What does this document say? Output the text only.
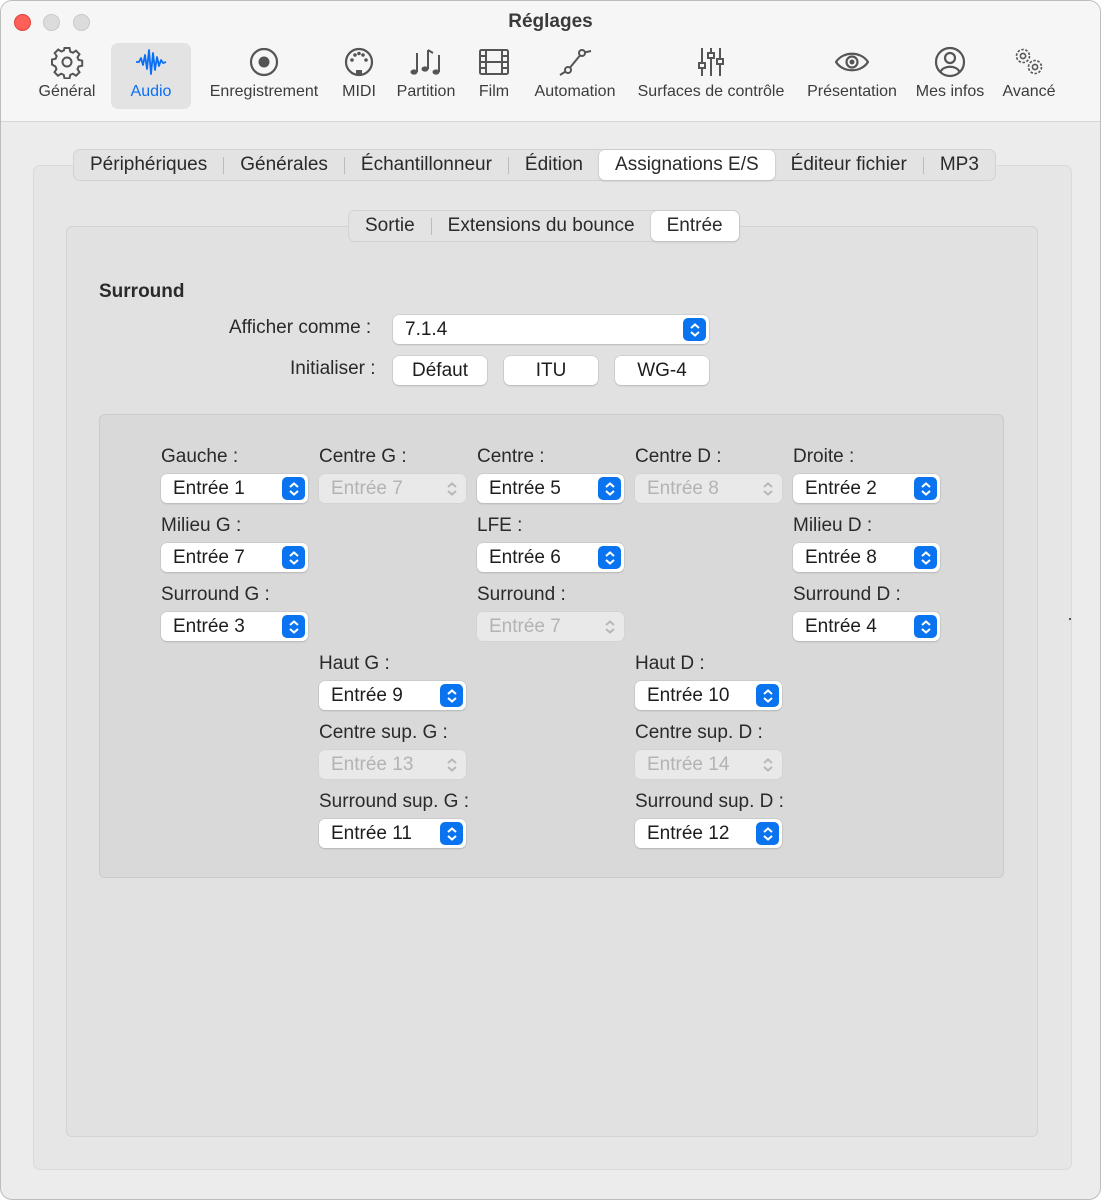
Réglages
Général Audio Enregistrement MIDI Partition Film Automation Surfaces de contrôle Présentation Mes infos Avancé
Périphériques	Générales	Échantillonneur	Édition	Assignations E/S	Éditeur fichier	MP3
Sortie	Extensions du bounce	Entrée
Surround
Afficher comme :	7.1.4
Initialiser :	Défaut	ITU	WG-4
Gauche :
Entrée 1
Centre G :
Entrée 7
Centre :
Entrée 5
Centre D :
Entrée 8
Droite :
Entrée 2
Milieu G :
Entrée 7
LFE :
Entrée 6
Milieu D :
Entrée 8
Surround G :
Entrée 3
Surround :
Entrée 7
Surround D :
Entrée 4
Haut G :
Entrée 9
Haut D :
Entrée 10
Centre sup. G :
Entrée 13
Centre sup. D :
Entrée 14
Surround sup. G :
Entrée 11
Surround sup. D :
Entrée 12
